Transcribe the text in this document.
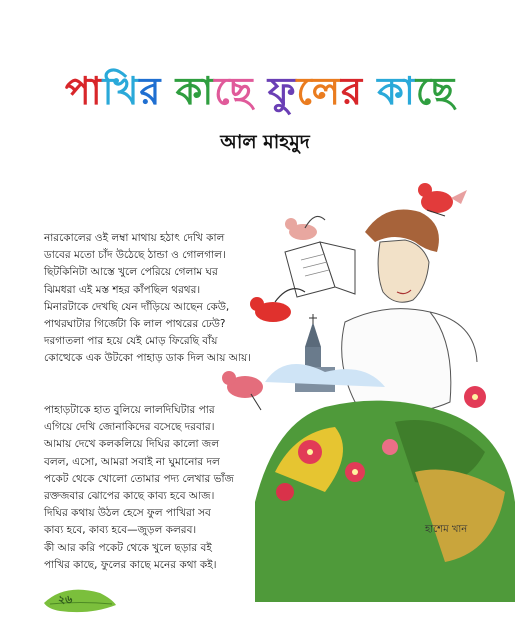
পাখির কাছে ফুলের কাছে
আল মাহমুদ

নারকোলের ওই লম্বা মাথায় হঠাৎ দেখি কাল

ডাবের মতো চাঁদ উঠেছে ঠান্ডা ও গোলগাল।

ছিটকিনিটা আস্তে খুলে পেরিয়ে গেলাম ঘর

ঝিমধরা এই মস্ত শহর কাঁপছিল থরথর।

মিনারটাকে দেখছি যেন দাঁড়িয়ে আছেন কেউ,

পাথরঘাটার গির্জেটা কি লাল পাথরের ঢেউ?

দরগাতলা পার হয়ে যেই মোড় ফিরেছি বাঁয়

কোত্থেকে এক উটকো পাহাড় ডাক দিল আয় আয়।

পাহাড়টাকে হাত বুলিয়ে লালদিঘিটার পার

এগিয়ে দেখি জোনাকিদের বসেছে দরবার।

আমায় দেখে কলকলিয়ে দিঘির কালো জল

বলল, এসো, আমরা সবাই না ঘুমানোর দল

পকেট থেকে খোলো তোমার পদ্য লেখার ভাঁজ

রক্তজবার ঝোপের কাছে কাব্য হবে আজ।

দিঘির কথায় উঠল হেসে ফুল পাখিরা সব

কাব্য হবে, কাব্য হবে—জুড়ল কলরব।

কী আর করি পকেট থেকে খুলে ছড়ার বই

পাখির কাছে, ফুলের কাছে মনের কথা কই।

হাশেম খান
২৬
